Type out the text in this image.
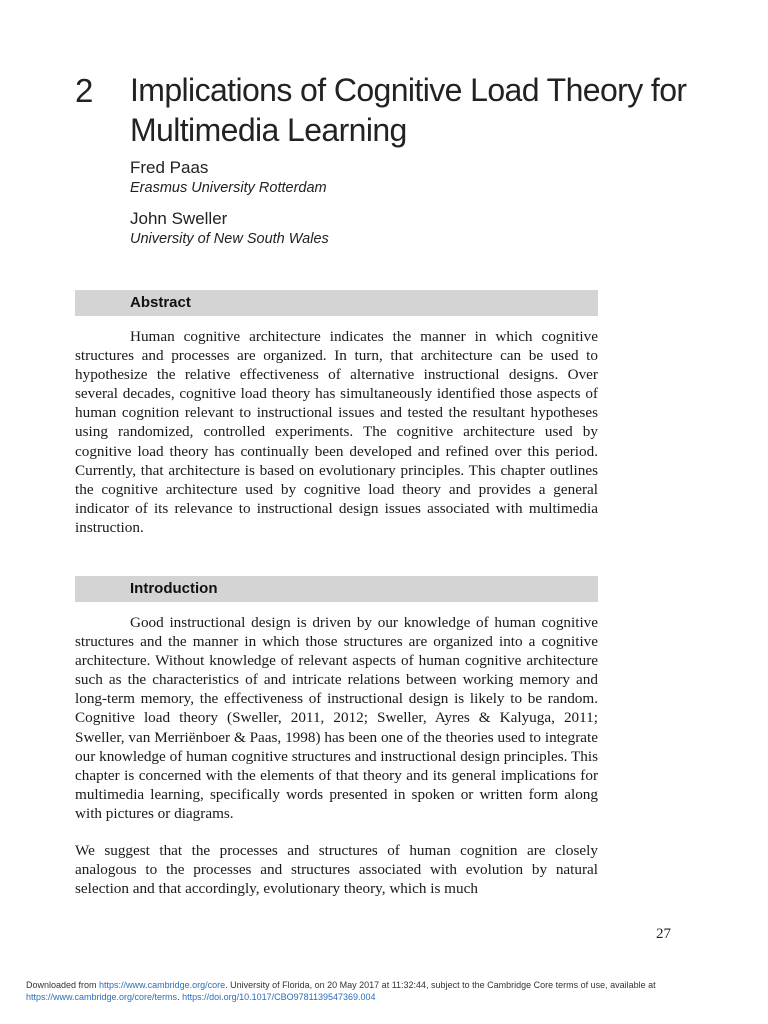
2 Implications of Cognitive Load Theory for Multimedia Learning
Fred Paas
Erasmus University Rotterdam
John Sweller
University of New South Wales
Abstract

Human cognitive architecture indicates the manner in which cognitive structures and processes are organized. In turn, that architecture can be used to hypothesize the relative effectiveness of alternative instructional designs. Over several decades, cognitive load theory has simultaneously identified those aspects of human cognition relevant to instructional issues and tested the resultant hypotheses using randomized, controlled experiments. The cognitive architecture used by cognitive load theory has continually been developed and refined over this period. Currently, that architecture is based on evolutionary principles. This chapter outlines the cognitive architecture used by cognitive load theory and provides a general indicator of its relevance to instructional design issues associated with multimedia instruction.

Introduction

Good instructional design is driven by our knowledge of human cognitive structures and the manner in which those structures are organized into a cognitive architecture. Without knowledge of relevant aspects of human cognitive architecture such as the characteristics of and intricate relations between working memory and long-term memory, the effectiveness of instructional design is likely to be random. Cognitive load theory (Sweller, 2011, 2012; Sweller, Ayres & Kalyuga, 2011; Sweller, van Merriënboer & Paas, 1998) has been one of the theories used to integrate our knowledge of human cognitive structures and instructional design principles. This chapter is concerned with the elements of that theory and its general implications for multimedia learning, specifically words presented in spoken or written form along with pictures or diagrams.

We suggest that the processes and structures of human cognition are closely analogous to the processes and structures associated with evolution by natural selection and that accordingly, evolutionary theory, which is much

27
Downloaded from https://www.cambridge.org/core. University of Florida, on 20 May 2017 at 11:32:44, subject to the Cambridge Core terms of use, available at
https://www.cambridge.org/core/terms. https://doi.org/10.1017/CBO9781139547369.004
